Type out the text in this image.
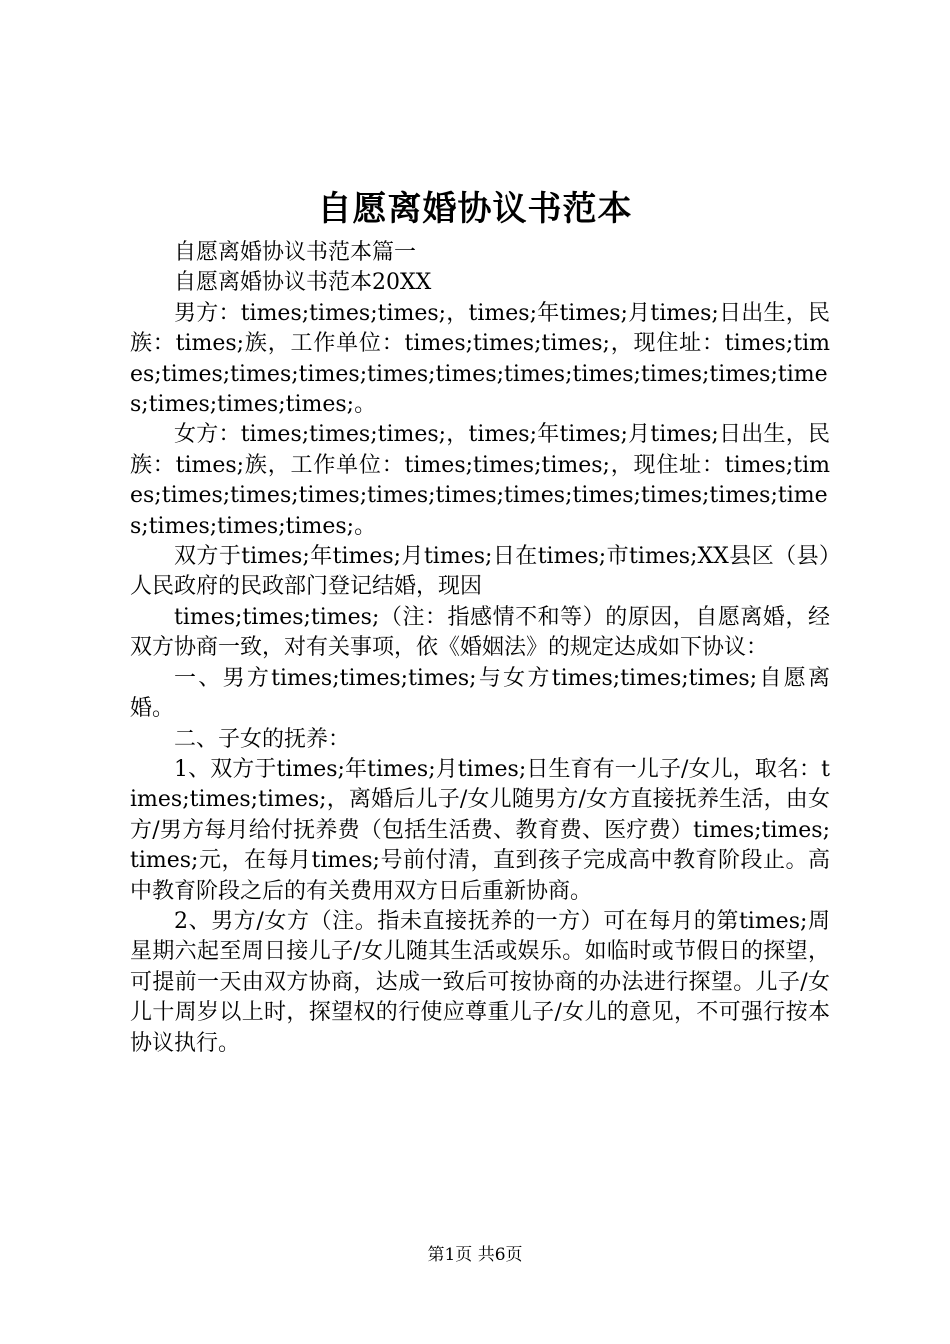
自愿离婚协议书范本

自愿离婚协议书范本篇一

自愿离婚协议书范本20XX

男方：times;times;times;，times;年times;月times;日出生，民族：times;族，工作单位：times;times;times;，现住址：times;times;times;times;times;times;times;times;times;times;times;times;times;times;times;。

女方：times;times;times;，times;年times;月times;日出生，民族：times;族，工作单位：times;times;times;，现住址：times;times;times;times;times;times;times;times;times;times;times;times;times;times;times;。

双方于times;年times;月times;日在times;市times;XX县区（县）人民政府的民政部门登记结婚，现因

times;times;times;（注：指感情不和等）的原因，自愿离婚，经双方协商一致，对有关事项，依《婚姻法》的规定达成如下协议：

一、男方times;times;times;与女方times;times;times;自愿离婚。

二、子女的抚养：

1、双方于times;年times;月times;日生育有一儿子/女儿，取名：times;times;times;，离婚后儿子/女儿随男方/女方直接抚养生活，由女方/男方每月给付抚养费（包括生活费、教育费、医疗费）times;times;times;元，在每月times;号前付清，直到孩子完成高中教育阶段止。高中教育阶段之后的有关费用双方日后重新协商。

2、男方/女方（注。指未直接抚养的一方）可在每月的第times;周星期六起至周日接儿子/女儿随其生活或娱乐。如临时或节假日的探望，可提前一天由双方协商，达成一致后可按协商的办法进行探望。儿子/女儿十周岁以上时，探望权的行使应尊重儿子/女儿的意见，不可强行按本协议执行。

第1页 共6页
